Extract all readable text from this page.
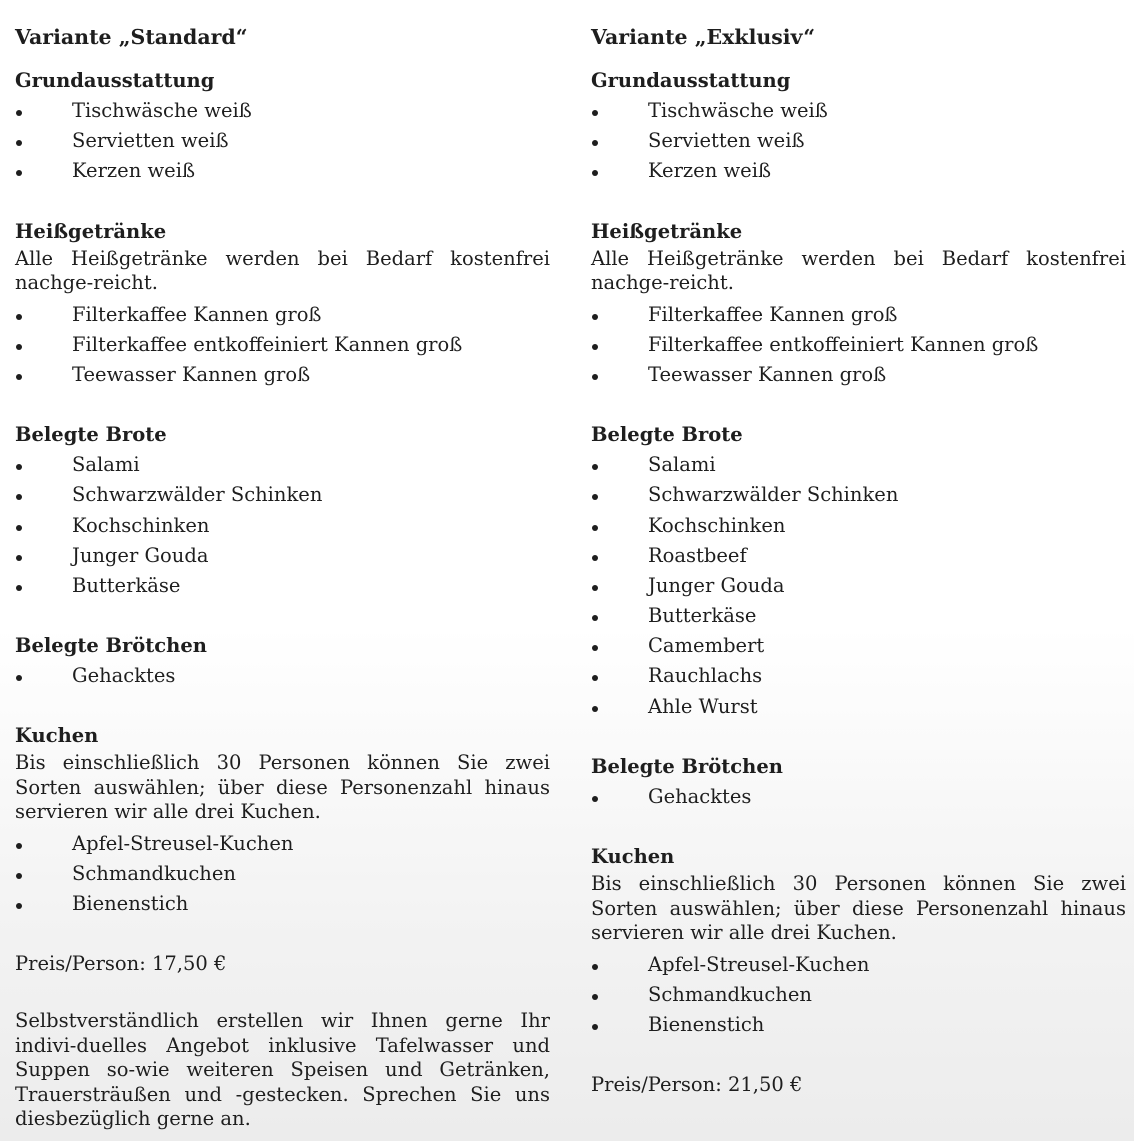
Variante „Standard“
Grundausstattung
Tischwäsche weiß
Servietten weiß
Kerzen weiß
Heißgetränke
Alle Heißgetränke werden bei Bedarf kostenfrei nachge-reicht.
Filterkaffee Kannen groß
Filterkaffee entkoffeiniert Kannen groß
Teewasser Kannen groß
Belegte Brote
Salami
Schwarzwälder Schinken
Kochschinken
Junger Gouda
Butterkäse
Belegte Brötchen
Gehacktes
Kuchen
Bis einschließlich 30 Personen können Sie zwei Sorten auswählen; über diese Personenzahl hinaus servieren wir alle drei Kuchen.
Apfel-Streusel-Kuchen
Schmandkuchen
Bienenstich
Preis/Person: 17,50 €
Selbstverständlich erstellen wir Ihnen gerne Ihr indivi-duelles Angebot inklusive Tafelwasser und Suppen so-wie weiteren Speisen und Getränken, Trauersträußen und -gestecken. Sprechen Sie uns diesbezüglich gerne an.
Variante „Exklusiv“
Grundausstattung
Tischwäsche weiß
Servietten weiß
Kerzen weiß
Heißgetränke
Alle Heißgetränke werden bei Bedarf kostenfrei nachge-reicht.
Filterkaffee Kannen groß
Filterkaffee entkoffeiniert Kannen groß
Teewasser Kannen groß
Belegte Brote
Salami
Schwarzwälder Schinken
Kochschinken
Roastbeef
Junger Gouda
Butterkäse
Camembert
Rauchlachs
Ahle Wurst
Belegte Brötchen
Gehacktes
Kuchen
Bis einschließlich 30 Personen können Sie zwei Sorten auswählen; über diese Personenzahl hinaus servieren wir alle drei Kuchen.
Apfel-Streusel-Kuchen
Schmandkuchen
Bienenstich
Preis/Person: 21,50 €
